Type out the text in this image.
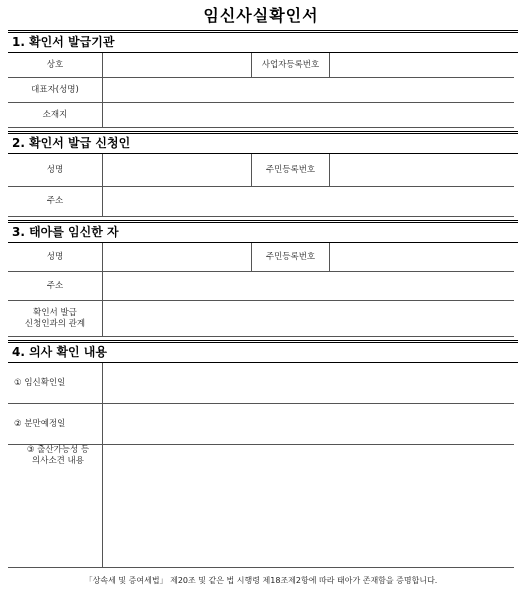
임신사실확인서
1. 확인서 발급기관
상호	사업자등록번호
대표자(성명)
소재지
2. 확인서 발급 신청인
성명	주민등록번호
주소
3. 태아를 임신한 자
성명	주민등록번호
주소
확인서 발급
신청인과의 관계
4. 의사 확인 내용
① 임신확인일
② 분만예정일
③ 출산가능성 등
의사소견 내용
「상속세 및 증여세법」 제20조 및 같은 법 시행령 제18조제2항에 따라 태아가 존재함을 증명합니다.
